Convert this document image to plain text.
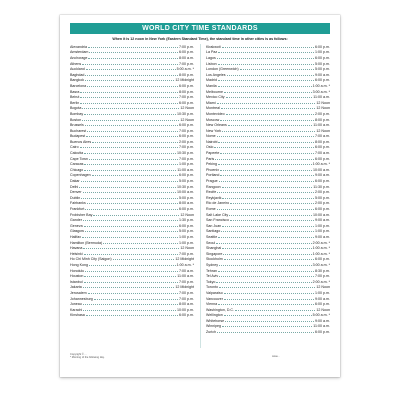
WORLD CITY TIME STANDARDS
When it is 12 noon in New York (Eastern Standard Time), the standard time in other cities is as follows:
Alexandria	7:00 p.m.
Amsterdam	6:00 p.m.
Anchorage	8:00 a.m.
Athens	7:00 p.m.
Auckland	5:00 a.m. *
Baghdad	8:00 p.m.
Bangkok	12 Midnight
Barcelona	6:00 p.m.
Basra	8:00 p.m.
Beirut	7:00 p.m.
Berlin	6:00 p.m.
Bogota	12 Noon
Bombay	10:30 p.m.
Boston	12 Noon
Brussels	6:00 p.m.
Bucharest	7:00 p.m.
Budapest	6:00 p.m.
Buenos Aires	2:00 p.m.
Cairo	7:00 p.m.
Calcutta	10:30 p.m.
Cape Town	7:00 p.m.
Caracas	1:00 p.m.
Chicago	11:00 a.m.
Copenhagen	6:00 p.m.
Dakar	5:00 p.m.
Delhi	10:30 p.m.
Denver	10:00 a.m.
Dublin	5:00 p.m.
Fairbanks	8:00 a.m.
Frankfurt	6:00 p.m.
Frobisher Bay	12 Noon
Gander	1:30 p.m.
Geneva	6:00 p.m.
Glasgow	5:00 p.m.
Halifax	1:00 p.m.
Hamilton (Bermuda)	1:00 p.m.
Havana	12 Noon
Helsinki	7:00 p.m.
Ho Chi Minh City (Saigon)	12 Midnight
Hong Kong	1:00 a.m. *
Honolulu	7:00 a.m.
Houston	11:00 a.m.
Istanbul	7:00 p.m.
Jakarta	12 Midnight
Jerusalem	7:00 p.m.
Johannesburg	7:00 p.m.
Juneau	8:00 a.m.
Karachi	10:00 p.m.
Kinshasa	6:00 p.m.
Kirakwoti	6:00 p.m.
La Paz	1:00 p.m.
Lagos	6:00 p.m.
Lisbon	5:00 p.m.
London (Greenwich)	5:00 p.m.
Los Angeles	9:00 a.m.
Madrid	6:00 p.m.
Manila	1:00 a.m. *
Melbourne	3:00 a.m. *
Mexico City	11:00 a.m.
Miami	12 Noon
Montreal	12 Noon
Montevideo	2:00 p.m.
Moscow	8:00 p.m.
New Orleans	11:00 a.m.
New York	12 Noon
Nome	7:00 a.m.
Nairobi	8:00 p.m.
Oslo	6:00 p.m.
Papeete	7:00 a.m.
Paris	6:00 p.m.
Peking	1:00 a.m. *
Phoenix	10:00 a.m.
Portland	9:00 a.m.
Prague	6:00 p.m.
Rangoon	11:30 p.m.
Recife	2:00 p.m.
Reykjavik	5:00 p.m.
Rio de Janeiro	2:00 p.m.
Rome	6:00 p.m.
Salt Lake City	10:00 a.m.
San Francisco	9:00 a.m.
San Juan	1:00 p.m.
Santiago	1:00 p.m.
Seattle	9:00 a.m.
Seoul	2:00 a.m. *
Shanghai	1:00 a.m. *
Singapore	1:00 a.m. *
Stockholm	6:00 p.m.
Sydney	3:00 a.m. *
Tehran	8:30 p.m.
Tel Aviv	7:00 p.m.
Tokyo	2:00 a.m. *
Toronto	12 Noon
Valparaiso	1:00 p.m.
Vancouver	9:00 a.m.
Vienna	6:00 p.m.
Washington, D.C.	12 Noon
Wellington	5:00 a.m. *
Whitehorse	9:00 a.m.
Winnipeg	11:00 a.m.
Zurich	6:00 p.m.
Copyright © ...
* Morning of the following day.	www...
